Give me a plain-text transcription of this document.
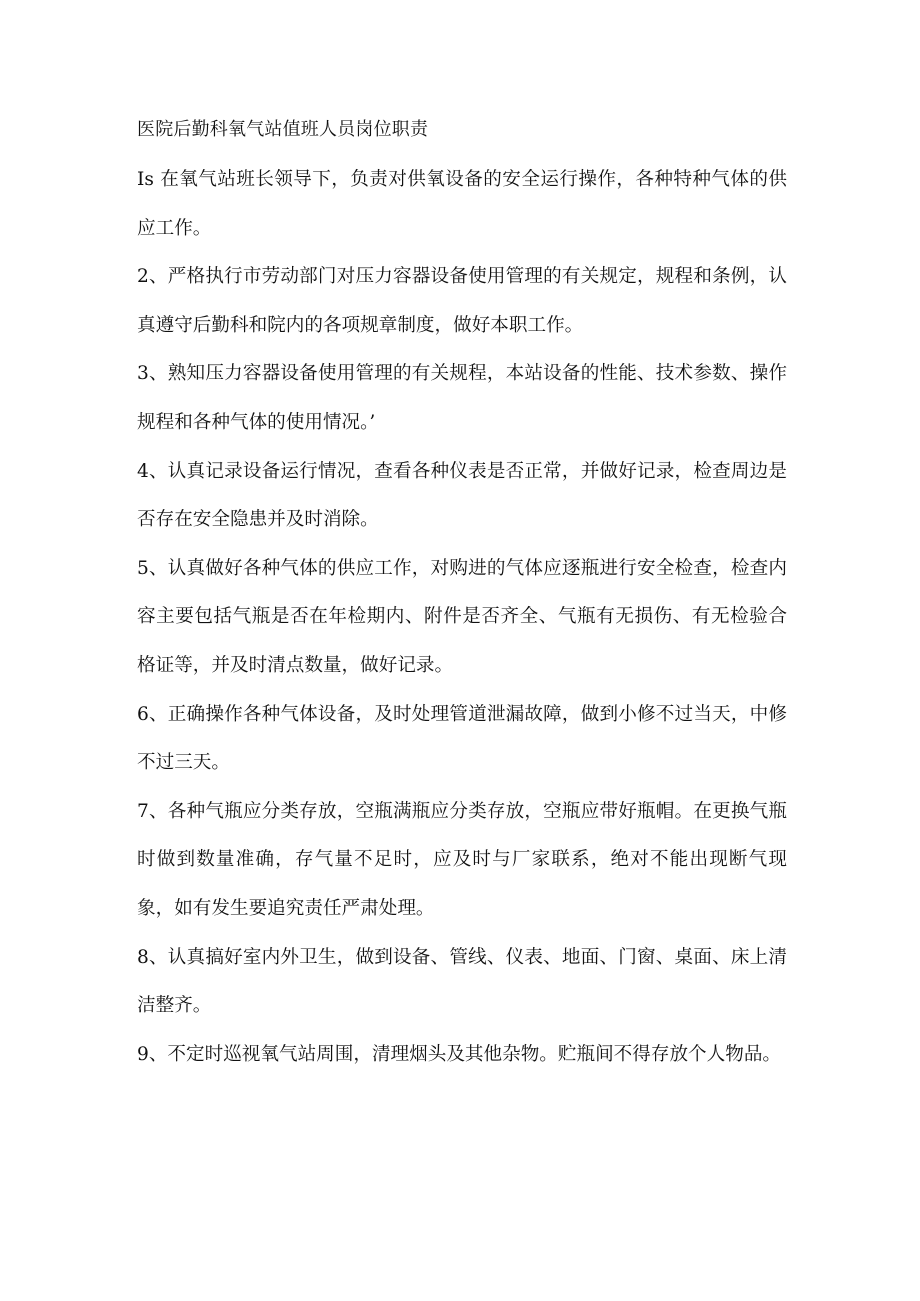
医院后勤科氧气站值班人员岗位职责

Is 在氧气站班长领导下，负责对供氧设备的安全运行操作，各种特种气体的供应工作。

2、严格执行市劳动部门对压力容器设备使用管理的有关规定，规程和条例，认真遵守后勤科和院内的各项规章制度，做好本职工作。

3、熟知压力容器设备使用管理的有关规程，本站设备的性能、技术参数、操作规程和各种气体的使用情况。’

4、认真记录设备运行情况，查看各种仪表是否正常，并做好记录，检查周边是否存在安全隐患并及时消除。

5、认真做好各种气体的供应工作，对购进的气体应逐瓶进行安全检查，检查内容主要包括气瓶是否在年检期内、附件是否齐全、气瓶有无损伤、有无检验合格证等，并及时清点数量，做好记录。

6、正确操作各种气体设备，及时处理管道泄漏故障，做到小修不过当天，中修不过三天。

7、各种气瓶应分类存放，空瓶满瓶应分类存放，空瓶应带好瓶帽。在更换气瓶时做到数量准确，存气量不足时，应及时与厂家联系，绝对不能出现断气现象，如有发生要追究责任严肃处理。

8、认真搞好室内外卫生，做到设备、管线、仪表、地面、门窗、桌面、床上清洁整齐。

9、不定时巡视氧气站周围，清理烟头及其他杂物。贮瓶间不得存放个人物品。
